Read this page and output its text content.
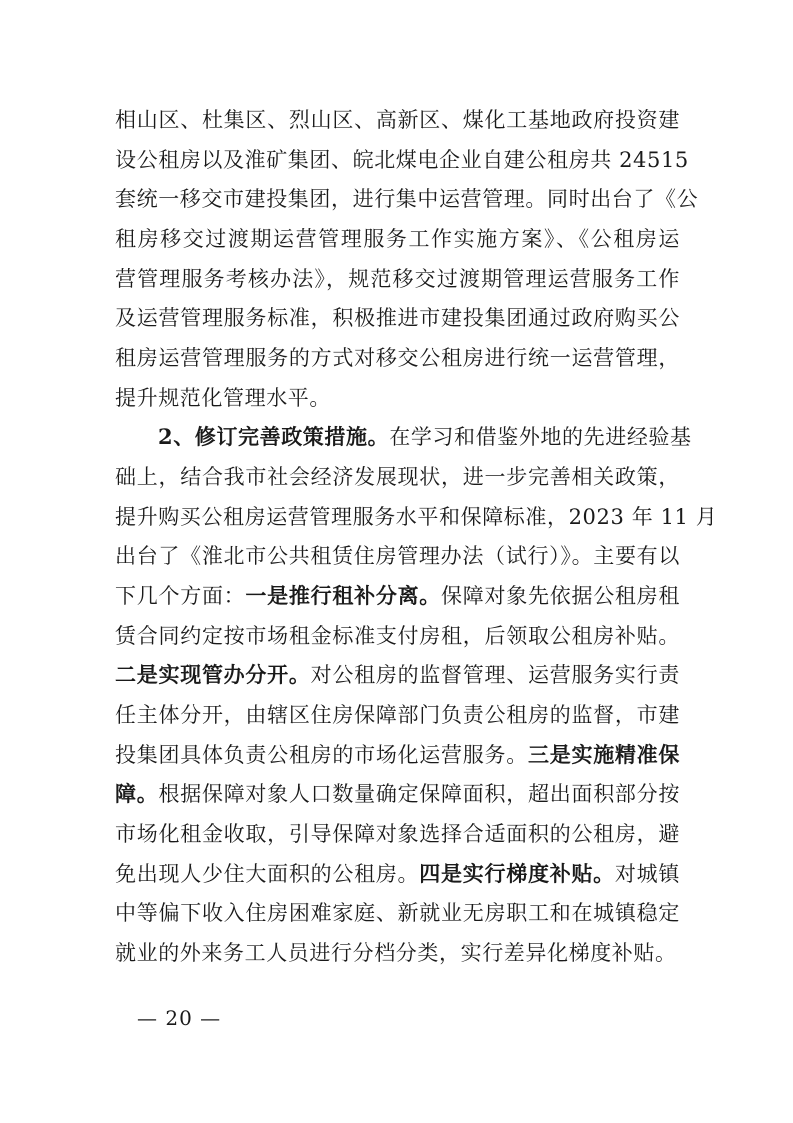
相山区、杜集区、烈山区、高新区、煤化工基地政府投资建
设公租房以及淮矿集团、皖北煤电企业自建公租房共 24515
套统一移交市建投集团，进行集中运营管理。同时出台了《公
租房移交过渡期运营管理服务工作实施方案》、《公租房运
营管理服务考核办法》，规范移交过渡期管理运营服务工作
及运营管理服务标准，积极推进市建投集团通过政府购买公
租房运营管理服务的方式对移交公租房进行统一运营管理，
提升规范化管理水平。
2、修订完善政策措施。在学习和借鉴外地的先进经验基
础上，结合我市社会经济发展现状，进一步完善相关政策，
提升购买公租房运营管理服务水平和保障标准，2023 年 11 月
出台了《淮北市公共租赁住房管理办法（试行）》。主要有以
下几个方面：一是推行租补分离。保障对象先依据公租房租
赁合同约定按市场租金标准支付房租，后领取公租房补贴。
二是实现管办分开。对公租房的监督管理、运营服务实行责
任主体分开，由辖区住房保障部门负责公租房的监督，市建
投集团具体负责公租房的市场化运营服务。三是实施精准保
障。根据保障对象人口数量确定保障面积，超出面积部分按
市场化租金收取，引导保障对象选择合适面积的公租房，避
免出现人少住大面积的公租房。四是实行梯度补贴。对城镇
中等偏下收入住房困难家庭、新就业无房职工和在城镇稳定
就业的外来务工人员进行分档分类，实行差异化梯度补贴。
— 20 —
